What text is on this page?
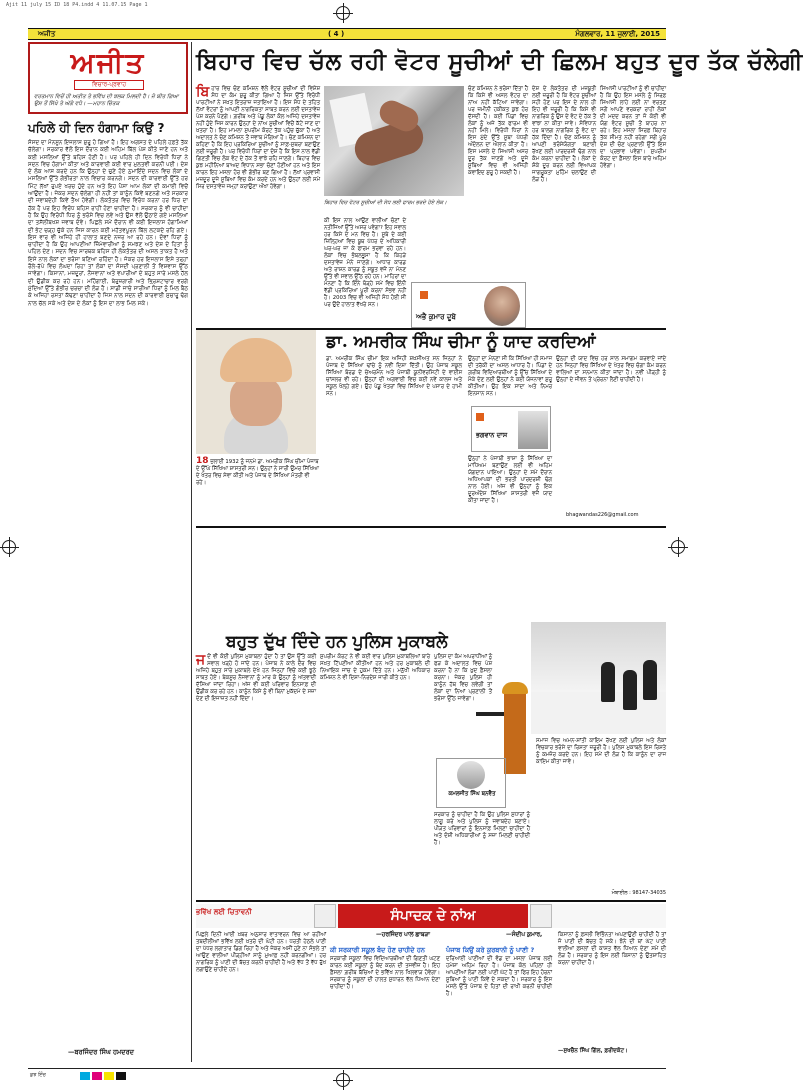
Ajit 11 july 15 ID 18 P4.indd 4 11.07.15 Page 1
ਅਜੀਤ	( 4 )	ਮੰਗਲਵਾਰ, 11 ਜੁਲਾਈ, 2015
ਅਜੀਤ
ਵਿਚਾਰ-ਪ੍ਰਵਾਹ
ਵਰਤਮਾਨ ਵਿਚੋਂ ਹੀ ਅਤੀਤ ਤੇ ਭਵਿੱਖ ਦੀ ਝਲਕ ਮਿਲਦੀ ਹੈ। ਜੋ ਬੀਤ ਗਿਆ ਉਸ ਤੋਂ ਸਿੱਖੋ ਤੇ ਅੱਗੇ ਵਧੋ। —ਮਹਾਨ ਚਿੰਤਕ
ਪਹਿਲੇ ਹੀ ਦਿਨ ਹੰਗਾਮਾ ਕਿਉਂ ?
ਸੰਸਦ ਦਾ ਮੌਨਸੂਨ ਇਜਲਾਸ ਸ਼ੁਰੂ ਹੋ ਗਿਆ ਹੈ। ਇਹ ਅਗਸਤ ਦੇ ਪਹਿਲੇ ਹਫ਼ਤੇ ਤੱਕ ਚੱਲੇਗਾ। ਸਰਕਾਰ ਵੱਲੋਂ ਇਸ ਦੌਰਾਨ ਕਈ ਅਹਿਮ ਬਿੱਲ ਪੇਸ਼ ਕੀਤੇ ਜਾਣੇ ਹਨ ਅਤੇ ਕਈ ਮਸਲਿਆਂ ਉੱਤੇ ਬਹਿਸ ਹੋਣੀ ਹੈ। ਪਰ ਪਹਿਲੇ ਹੀ ਦਿਨ ਵਿਰੋਧੀ ਧਿਰਾਂ ਨੇ ਸਦਨ ਵਿਚ ਹੰਗਾਮਾ ਕੀਤਾ ਅਤੇ ਕਾਰਵਾਈ ਕਈ ਵਾਰ ਮੁਲਤਵੀ ਕਰਨੀ ਪਈ। ਦੇਸ਼ ਦੇ ਲੋਕ ਆਸ ਕਰਦੇ ਹਨ ਕਿ ਉਨ੍ਹਾਂ ਦੇ ਚੁਣੇ ਹੋਏ ਨੁਮਾਇੰਦੇ ਸਦਨ ਵਿਚ ਲੋਕਾਂ ਦੇ ਮਸਲਿਆਂ ਉੱਤੇ ਗੰਭੀਰਤਾ ਨਾਲ ਵਿਚਾਰ ਕਰਨਗੇ। ਸਦਨ ਦੀ ਕਾਰਵਾਈ ਉੱਤੇ ਹਰ ਮਿੰਟ ਲੱਖਾਂ ਰੁਪਏ ਖਰਚ ਹੁੰਦੇ ਹਨ ਅਤੇ ਇਹ ਪੈਸਾ ਆਮ ਲੋਕਾਂ ਦੀ ਕਮਾਈ ਵਿਚੋਂ ਆਉਂਦਾ ਹੈ। ਜੇਕਰ ਸਦਨ ਚੱਲੇਗਾ ਹੀ ਨਹੀਂ ਤਾਂ ਕਾਨੂੰਨ ਕਿਵੇਂ ਬਣਨਗੇ ਅਤੇ ਸਰਕਾਰ ਦੀ ਜਵਾਬਦੇਹੀ ਕਿਵੇਂ ਤੈਅ ਹੋਵੇਗੀ। ਲੋਕਤੰਤਰ ਵਿਚ ਵਿਰੋਧ ਕਰਨਾ ਹਰ ਧਿਰ ਦਾ ਹੱਕ ਹੈ ਪਰ ਇਹ ਵਿਰੋਧ ਬਹਿਸ ਰਾਹੀਂ ਹੋਣਾ ਚਾਹੀਦਾ ਹੈ। ਸਰਕਾਰ ਨੂੰ ਵੀ ਚਾਹੀਦਾ ਹੈ ਕਿ ਉਹ ਵਿਰੋਧੀ ਧਿਰ ਨੂੰ ਭਰੋਸੇ ਵਿਚ ਲਵੇ ਅਤੇ ਉਸ ਵੱਲੋਂ ਉਠਾਏ ਗਏ ਮਸਲਿਆਂ ਦਾ ਤਸੱਲੀਬਖਸ਼ ਜਵਾਬ ਦੇਵੇ। ਪਿਛਲੇ ਸਮੇਂ ਦੌਰਾਨ ਵੀ ਕਈ ਇਜਲਾਸ ਹੰਗਾਮਿਆਂ ਦੀ ਭੇਟ ਚੜ੍ਹ ਚੁੱਕੇ ਹਨ ਜਿਸ ਕਾਰਨ ਕਈ ਮਹੱਤਵਪੂਰਨ ਬਿੱਲ ਲਟਕਦੇ ਰਹਿ ਗਏ। ਇਸ ਵਾਰ ਵੀ ਅਜਿਹੇ ਹੀ ਹਾਲਾਤ ਬਣਦੇ ਨਜ਼ਰ ਆ ਰਹੇ ਹਨ। ਦੋਵਾਂ ਧਿਰਾਂ ਨੂੰ ਚਾਹੀਦਾ ਹੈ ਕਿ ਉਹ ਆਪਣੀਆਂ ਜ਼ਿੰਮੇਵਾਰੀਆਂ ਨੂੰ ਸਮਝਣ ਅਤੇ ਦੇਸ਼ ਦੇ ਹਿਤਾਂ ਨੂੰ ਪਹਿਲ ਦੇਣ। ਸਦਨ ਵਿਚ ਸਾਰਥਕ ਬਹਿਸ ਹੀ ਲੋਕਤੰਤਰ ਦੀ ਅਸਲ ਤਾਕਤ ਹੈ ਅਤੇ ਇਸੇ ਨਾਲ ਲੋਕਾਂ ਦਾ ਭਰੋਸਾ ਬਣਿਆ ਰਹਿੰਦਾ ਹੈ। ਜੇਕਰ ਹਰ ਇਜਲਾਸ ਇਸੇ ਤਰ੍ਹਾਂ ਰੌਲੇ-ਰੱਪੇ ਵਿਚ ਲੰਘਦਾ ਰਿਹਾ ਤਾਂ ਲੋਕਾਂ ਦਾ ਸੰਸਦੀ ਪ੍ਰਣਾਲੀ ਤੋਂ ਵਿਸ਼ਵਾਸ ਉੱਠ ਜਾਵੇਗਾ। ਕਿਸਾਨਾਂ, ਮਜ਼ਦੂਰਾਂ, ਨੌਜਵਾਨਾਂ ਅਤੇ ਵਪਾਰੀਆਂ ਦੇ ਬਹੁਤ ਸਾਰੇ ਮਸਲੇ ਹੱਲ ਦੀ ਉਡੀਕ ਕਰ ਰਹੇ ਹਨ। ਮਹਿੰਗਾਈ, ਬੇਰੁਜ਼ਗਾਰੀ ਅਤੇ ਭ੍ਰਿਸ਼ਟਾਚਾਰ ਵਰਗੇ ਮੁੱਦਿਆਂ ਉੱਤੇ ਗੰਭੀਰ ਚਰਚਾ ਦੀ ਲੋੜ ਹੈ। ਸਾਡੀ ਜਾਚੇ ਸਾਰੀਆਂ ਧਿਰਾਂ ਨੂੰ ਮਿਲ ਬੈਠ ਕੇ ਅਜਿਹਾ ਰਸਤਾ ਕੱਢਣਾ ਚਾਹੀਦਾ ਹੈ ਜਿਸ ਨਾਲ ਸਦਨ ਦੀ ਕਾਰਵਾਈ ਸੁਚਾਰੂ ਢੰਗ ਨਾਲ ਚੱਲ ਸਕੇ ਅਤੇ ਦੇਸ਼ ਦੇ ਲੋਕਾਂ ਨੂੰ ਇਸ ਦਾ ਲਾਭ ਮਿਲ ਸਕੇ।
—ਬਰਜਿੰਦਰ ਸਿੰਘ ਹਮਦਰਦ
ਬਿਹਾਰ ਵਿਚ ਚੱਲ ਰਹੀ ਵੋਟਰ ਸੂਚੀਆਂ ਦੀ ਛਿਲਮ ਬਹੁਤ ਦੂਰ ਤੱਕ ਚੱਲੇਗੀ
ਬਿਹਾਰ ਵਿਚ ਚੋਣ ਕਮਿਸ਼ਨ ਵੱਲੋਂ ਵੋਟਰ ਸੂਚੀਆਂ ਦੀ ਵਿਸ਼ੇਸ਼ ਸੋਧ ਦਾ ਕੰਮ ਸ਼ੁਰੂ ਕੀਤਾ ਗਿਆ ਹੈ ਜਿਸ ਉੱਤੇ ਵਿਰੋਧੀ ਪਾਰਟੀਆਂ ਨੇ ਸਖ਼ਤ ਇਤਰਾਜ਼ ਜਤਾਇਆ ਹੈ। ਇਸ ਸੋਧ ਦੇ ਤਹਿਤ ਲੱਖਾਂ ਵੋਟਰਾਂ ਨੂੰ ਆਪਣੀ ਨਾਗਰਿਕਤਾ ਸਾਬਤ ਕਰਨ ਲਈ ਦਸਤਾਵੇਜ਼ ਪੇਸ਼ ਕਰਨੇ ਪੈਣਗੇ। ਗ਼ਰੀਬ ਅਤੇ ਪੇਂਡੂ ਲੋਕਾਂ ਕੋਲ ਅਜਿਹੇ ਦਸਤਾਵੇਜ਼ ਨਹੀਂ ਹੁੰਦੇ ਜਿਸ ਕਾਰਨ ਉਨ੍ਹਾਂ ਦੇ ਨਾਂਅ ਸੂਚੀਆਂ ਵਿਚੋਂ ਕੱਟੇ ਜਾਣ ਦਾ ਖ਼ਤਰਾ ਹੈ। ਇਹ ਮਾਮਲਾ ਸੁਪਰੀਮ ਕੋਰਟ ਤੱਕ ਪਹੁੰਚ ਚੁੱਕਾ ਹੈ ਅਤੇ ਅਦਾਲਤ ਨੇ ਚੋਣ ਕਮਿਸ਼ਨ ਤੋਂ ਜਵਾਬ ਮੰਗਿਆ ਹੈ। ਚੋਣ ਕਮਿਸ਼ਨ ਦਾ ਕਹਿਣਾ ਹੈ ਕਿ ਇਹ ਪ੍ਰਕਿਰਿਆ ਸੂਚੀਆਂ ਨੂੰ ਸਾਫ਼-ਸੁਥਰਾ ਬਣਾਉਣ ਲਈ ਜ਼ਰੂਰੀ ਹੈ। ਪਰ ਵਿਰੋਧੀ ਧਿਰਾਂ ਦਾ ਦੋਸ਼ ਹੈ ਕਿ ਇਸ ਨਾਲ ਵੱਡੀ ਗਿਣਤੀ ਵਿਚ ਲੋਕ ਵੋਟ ਦੇ ਹੱਕ ਤੋਂ ਵਾਂਝੇ ਰਹਿ ਜਾਣਗੇ। ਬਿਹਾਰ ਵਿਚ ਕੁਝ ਮਹੀਨਿਆਂ ਬਾਅਦ ਵਿਧਾਨ ਸਭਾ ਚੋਣਾਂ ਹੋਣੀਆਂ ਹਨ ਅਤੇ ਇਸ ਕਾਰਨ ਇਹ ਮਸਲਾ ਹੋਰ ਵੀ ਗੰਭੀਰ ਬਣ ਗਿਆ ਹੈ। ਲੱਖਾਂ ਪ੍ਰਵਾਸੀ ਮਜ਼ਦੂਰ ਦੂਜੇ ਸੂਬਿਆਂ ਵਿਚ ਕੰਮ ਕਰਦੇ ਹਨ ਅਤੇ ਉਨ੍ਹਾਂ ਲਈ ਸਮੇਂ ਸਿਰ ਦਸਤਾਵੇਜ਼ ਜਮ੍ਹਾਂ ਕਰਾਉਣਾ ਔਖਾ ਹੋਵੇਗਾ।
ਬਿਹਾਰ ਵਿਚ ਵੋਟਰ ਸੂਚੀਆਂ ਦੀ ਸੋਧ ਲਈ ਫਾਰਮ ਭਰਦੇ ਹੋਏ ਲੋਕ।
ਕੀ ਇਸ ਨਾਲ ਆਉਣ ਵਾਲੀਆਂ ਚੋਣਾਂ ਦੇ ਨਤੀਜਿਆਂ ਉੱਤੇ ਅਸਰ ਪਵੇਗਾ? ਇਹ ਸਵਾਲ ਹਰ ਕਿਸੇ ਦੇ ਮਨ ਵਿਚ ਹੈ। ਸੂਬੇ ਦੇ ਕਈ ਜ਼ਿਲ੍ਹਿਆਂ ਵਿਚ ਬੂਥ ਪੱਧਰ ਦੇ ਅਧਿਕਾਰੀ ਘਰ-ਘਰ ਜਾ ਕੇ ਫਾਰਮ ਭਰਵਾ ਰਹੇ ਹਨ। ਲੋਕਾਂ ਵਿਚ ਭੰਬਲਭੂਸਾ ਹੈ ਕਿ ਕਿਹੜੇ ਦਸਤਾਵੇਜ਼ ਮੰਨੇ ਜਾਣਗੇ। ਆਧਾਰ ਕਾਰਡ ਅਤੇ ਰਾਸ਼ਨ ਕਾਰਡ ਨੂੰ ਸਬੂਤ ਵਜੋਂ ਨਾ ਮੰਨਣ ਉੱਤੇ ਵੀ ਸਵਾਲ ਉੱਠ ਰਹੇ ਹਨ। ਮਾਹਿਰਾਂ ਦਾ ਮੰਨਣਾ ਹੈ ਕਿ ਇੰਨੇ ਥੋੜ੍ਹੇ ਸਮੇਂ ਵਿਚ ਇੰਨੀ ਵੱਡੀ ਪ੍ਰਕਿਰਿਆ ਪੂਰੀ ਕਰਨਾ ਸੰਭਵ ਨਹੀਂ ਹੈ। 2003 ਵਿਚ ਵੀ ਅਜਿਹੀ ਸੋਧ ਹੋਈ ਸੀ ਪਰ ਉਦੋਂ ਹਾਲਾਤ ਵੱਖਰੇ ਸਨ।
ਚੋਣ ਕਮਿਸ਼ਨ ਨੇ ਭਰੋਸਾ ਦਿੱਤਾ ਹੈ ਕਿ ਕਿਸੇ ਵੀ ਅਸਲ ਵੋਟਰ ਦਾ ਨਾਂਅ ਨਹੀਂ ਕੱਟਿਆ ਜਾਵੇਗਾ। ਪਰ ਜ਼ਮੀਨੀ ਹਕੀਕਤ ਕੁਝ ਹੋਰ ਦੱਸਦੀ ਹੈ। ਕਈ ਪਿੰਡਾਂ ਵਿਚ ਲੋਕਾਂ ਨੂੰ ਅਜੇ ਤੱਕ ਫਾਰਮ ਵੀ ਨਹੀਂ ਮਿਲੇ। ਵਿਰੋਧੀ ਧਿਰਾਂ ਨੇ ਇਸ ਮੁੱਦੇ ਉੱਤੇ ਸੂਬਾ ਪੱਧਰੀ ਅੰਦੋਲਨ ਦਾ ਐਲਾਨ ਕੀਤਾ ਹੈ। ਇਸ ਮਸਲੇ ਦੇ ਸਿਆਸੀ ਅਸਰ ਦੂਰ ਤੱਕ ਜਾਣਗੇ ਅਤੇ ਦੂਜੇ ਸੂਬਿਆਂ ਵਿਚ ਵੀ ਅਜਿਹੀ ਕਵਾਇਦ ਸ਼ੁਰੂ ਹੋ ਸਕਦੀ ਹੈ।
ਦੇਸ਼ ਦੇ ਲੋਕਤੰਤਰ ਦੀ ਮਜ਼ਬੂਤੀ ਲਈ ਜ਼ਰੂਰੀ ਹੈ ਕਿ ਵੋਟਰ ਸੂਚੀਆਂ ਸਹੀ ਹੋਣ ਪਰ ਇਸ ਦੇ ਨਾਲ ਹੀ ਇਹ ਵੀ ਜ਼ਰੂਰੀ ਹੈ ਕਿ ਕਿਸੇ ਵੀ ਨਾਗਰਿਕ ਨੂੰ ਉਸ ਦੇ ਵੋਟ ਦੇ ਹੱਕ ਤੋਂ ਵਾਂਝਾ ਨਾ ਕੀਤਾ ਜਾਵੇ। ਸੰਵਿਧਾਨ ਹਰ ਬਾਲਗ ਨਾਗਰਿਕ ਨੂੰ ਵੋਟ ਦਾ ਹੱਕ ਦਿੰਦਾ ਹੈ। ਚੋਣ ਕਮਿਸ਼ਨ ਨੂੰ ਆਪਣੀ ਭਰੋਸੇਯੋਗਤਾ ਬਣਾਈ ਰੱਖਣ ਲਈ ਪਾਰਦਰਸ਼ੀ ਢੰਗ ਨਾਲ ਕੰਮ ਕਰਨਾ ਚਾਹੀਦਾ ਹੈ। ਲੋਕਾਂ ਦੇ ਸ਼ੰਕੇ ਦੂਰ ਕਰਨ ਲਈ ਵਿਆਪਕ ਜਾਗਰੂਕਤਾ ਮੁਹਿੰਮ ਚਲਾਉਣ ਦੀ ਲੋੜ ਹੈ।
ਸਿਆਸੀ ਪਾਰਟੀਆਂ ਨੂੰ ਵੀ ਚਾਹੀਦਾ ਹੈ ਕਿ ਉਹ ਇਸ ਮਸਲੇ ਨੂੰ ਸਿਰਫ਼ ਸਿਆਸੀ ਲਾਹੇ ਲਈ ਨਾ ਵਰਤਣ ਸਗੋਂ ਆਪਣੇ ਵਰਕਰਾਂ ਰਾਹੀਂ ਲੋਕਾਂ ਦੀ ਮਦਦ ਕਰਨ ਤਾਂ ਜੋ ਕੋਈ ਵੀ ਯੋਗ ਵੋਟਰ ਸੂਚੀ ਤੋਂ ਬਾਹਰ ਨਾ ਰਹੇ। ਇਹ ਮਸਲਾ ਸਿਰਫ਼ ਬਿਹਾਰ ਤੱਕ ਸੀਮਤ ਨਹੀਂ ਰਹੇਗਾ ਸਗੋਂ ਪੂਰੇ ਦੇਸ਼ ਦੀ ਚੋਣ ਪ੍ਰਣਾਲੀ ਉੱਤੇ ਇਸ ਦਾ ਪ੍ਰਭਾਵ ਪਵੇਗਾ। ਸੁਪਰੀਮ ਕੋਰਟ ਦਾ ਫ਼ੈਸਲਾ ਇਸ ਬਾਰੇ ਅਹਿਮ ਹੋਵੇਗਾ।
ਅਭੈ ਕੁਮਾਰ ਦੂਬੇ
18 ਜੁਲਾਈ 1932 ਨੂੰ ਜਨਮੇ ਡਾ. ਅਮਰੀਕ ਸਿੰਘ ਚੀਮਾ ਪੰਜਾਬ ਦੇ ਉੱਘੇ ਸਿੱਖਿਆ ਸ਼ਾਸਤਰੀ ਸਨ। ਉਨ੍ਹਾਂ ਨੇ ਸਾਰੀ ਉਮਰ ਸਿੱਖਿਆ ਦੇ ਖੇਤਰ ਵਿਚ ਸੇਵਾ ਕੀਤੀ ਅਤੇ ਪੰਜਾਬ ਦੇ ਸਿੱਖਿਆ ਮੰਤਰੀ ਵੀ ਰਹੇ।
ਡਾ. ਅਮਰੀਕ ਸਿੰਘ ਚੀਮਾ ਨੂੰ ਯਾਦ ਕਰਦਿਆਂ
ਡਾ. ਅਮਰੀਕ ਸਿੰਘ ਚੀਮਾ ਇਕ ਅਜਿਹੀ ਸ਼ਖ਼ਸੀਅਤ ਸਨ ਜਿਨ੍ਹਾਂ ਨੇ ਪੰਜਾਬ ਦੇ ਸਿੱਖਿਆ ਢਾਂਚੇ ਨੂੰ ਨਵੀਂ ਦਿਸ਼ਾ ਦਿੱਤੀ। ਉਹ ਪੰਜਾਬ ਸਕੂਲ ਸਿੱਖਿਆ ਬੋਰਡ ਦੇ ਚੇਅਰਮੈਨ ਅਤੇ ਪੰਜਾਬੀ ਯੂਨੀਵਰਸਿਟੀ ਦੇ ਵਾਈਸ ਚਾਂਸਲਰ ਵੀ ਰਹੇ। ਉਨ੍ਹਾਂ ਦੀ ਅਗਵਾਈ ਵਿਚ ਕਈ ਨਵੇਂ ਕਾਲਜ ਅਤੇ ਸਕੂਲ ਖੋਲ੍ਹੇ ਗਏ। ਉਹ ਪੇਂਡੂ ਖੇਤਰਾਂ ਵਿਚ ਸਿੱਖਿਆ ਦੇ ਪਸਾਰ ਦੇ ਹਾਮੀ ਸਨ।
ਉਨ੍ਹਾਂ ਦਾ ਮੰਨਣਾ ਸੀ ਕਿ ਸਿੱਖਿਆ ਹੀ ਸਮਾਜ ਦੀ ਤਰੱਕੀ ਦਾ ਅਸਲ ਆਧਾਰ ਹੈ। ਪਿੰਡਾਂ ਦੇ ਗ਼ਰੀਬ ਵਿਦਿਆਰਥੀਆਂ ਨੂੰ ਉੱਚ ਸਿੱਖਿਆ ਦੇ ਮੌਕੇ ਦੇਣ ਲਈ ਉਨ੍ਹਾਂ ਨੇ ਕਈ ਯੋਜਨਾਵਾਂ ਸ਼ੁਰੂ ਕੀਤੀਆਂ। ਉਹ ਇਕ ਸਾਦਾ ਅਤੇ ਨਿਮਰ ਇਨਸਾਨ ਸਨ।
ਭਗਵਾਨ ਦਾਸ
ਉਨ੍ਹਾਂ ਨੇ ਪੰਜਾਬੀ ਭਾਸ਼ਾ ਨੂੰ ਸਿੱਖਿਆ ਦਾ ਮਾਧਿਅਮ ਬਣਾਉਣ ਲਈ ਵੀ ਅਹਿਮ ਯੋਗਦਾਨ ਪਾਇਆ। ਉਨ੍ਹਾਂ ਦੇ ਸਮੇਂ ਦੌਰਾਨ ਅਧਿਆਪਕਾਂ ਦੀ ਭਰਤੀ ਪਾਰਦਰਸ਼ੀ ਢੰਗ ਨਾਲ ਹੋਈ। ਅੱਜ ਵੀ ਉਨ੍ਹਾਂ ਨੂੰ ਇਕ ਦੂਰਅੰਦੇਸ਼ ਸਿੱਖਿਆ ਸ਼ਾਸਤਰੀ ਵਜੋਂ ਯਾਦ ਕੀਤਾ ਜਾਂਦਾ ਹੈ।
ਉਨ੍ਹਾਂ ਦੀ ਯਾਦ ਵਿਚ ਹਰ ਸਾਲ ਸਮਾਗਮ ਕਰਵਾਏ ਜਾਂਦੇ ਹਨ ਜਿਨ੍ਹਾਂ ਵਿਚ ਸਿੱਖਿਆ ਦੇ ਖੇਤਰ ਵਿਚ ਚੰਗਾ ਕੰਮ ਕਰਨ ਵਾਲਿਆਂ ਦਾ ਸਨਮਾਨ ਕੀਤਾ ਜਾਂਦਾ ਹੈ। ਨਵੀਂ ਪੀੜ੍ਹੀ ਨੂੰ ਉਨ੍ਹਾਂ ਦੇ ਜੀਵਨ ਤੋਂ ਪ੍ਰੇਰਨਾ ਲੈਣੀ ਚਾਹੀਦੀ ਹੈ।
bhagwandas226@gmail.com
ਬਹੁਤ ਦੁੱਖ ਦਿੰਦੇ ਹਨ ਪੁਲਿਸ ਮੁਕਾਬਲੇ
ਜਦੋਂ ਵੀ ਕੋਈ ਪੁਲਿਸ ਮੁਕਾਬਲਾ ਹੁੰਦਾ ਹੈ ਤਾਂ ਉਸ ਉੱਤੇ ਕਈ ਸਵਾਲ ਖੜ੍ਹੇ ਹੋ ਜਾਂਦੇ ਹਨ। ਪੰਜਾਬ ਨੇ ਕਾਲੇ ਦੌਰ ਵਿਚ ਅਜਿਹੇ ਬਹੁਤ ਸਾਰੇ ਮੁਕਾਬਲੇ ਦੇਖੇ ਹਨ ਜਿਨ੍ਹਾਂ ਵਿਚੋਂ ਕਈ ਝੂਠੇ ਸਾਬਤ ਹੋਏ। ਬੇਕਸੂਰ ਨੌਜਵਾਨਾਂ ਨੂੰ ਮਾਰ ਕੇ ਉਨ੍ਹਾਂ ਨੂੰ ਅੱਤਵਾਦੀ ਦੱਸਿਆ ਜਾਂਦਾ ਰਿਹਾ। ਅੱਜ ਵੀ ਕਈ ਪਰਿਵਾਰ ਇਨਸਾਫ਼ ਦੀ ਉਡੀਕ ਕਰ ਰਹੇ ਹਨ। ਕਾਨੂੰਨ ਕਿਸੇ ਨੂੰ ਵੀ ਬਿਨਾਂ ਮੁਕੱਦਮੇ ਦੇ ਸਜ਼ਾ ਦੇਣ ਦੀ ਇਜਾਜ਼ਤ ਨਹੀਂ ਦਿੰਦਾ।
ਸੁਪਰੀਮ ਕੋਰਟ ਨੇ ਵੀ ਕਈ ਵਾਰ ਪੁਲਿਸ ਮੁਕਾਬਲਿਆਂ ਬਾਰੇ ਸਖ਼ਤ ਟਿੱਪਣੀਆਂ ਕੀਤੀਆਂ ਹਨ ਅਤੇ ਹਰ ਮੁਕਾਬਲੇ ਦੀ ਨਿਆਂਇਕ ਜਾਂਚ ਦੇ ਹੁਕਮ ਦਿੱਤੇ ਹਨ। ਮਨੁੱਖੀ ਅਧਿਕਾਰ ਕਮਿਸ਼ਨ ਨੇ ਵੀ ਦਿਸ਼ਾ-ਨਿਰਦੇਸ਼ ਜਾਰੀ ਕੀਤੇ ਹਨ।
ਪੁਲਿਸ ਦਾ ਕੰਮ ਅਪਰਾਧੀਆਂ ਨੂੰ ਫੜ ਕੇ ਅਦਾਲਤ ਵਿਚ ਪੇਸ਼ ਕਰਨਾ ਹੈ ਨਾ ਕਿ ਖ਼ੁਦ ਫ਼ੈਸਲਾ ਕਰਨਾ। ਜੇਕਰ ਪੁਲਿਸ ਹੀ ਕਾਨੂੰਨ ਹੱਥ ਵਿਚ ਲਵੇਗੀ ਤਾਂ ਲੋਕਾਂ ਦਾ ਨਿਆਂ ਪ੍ਰਣਾਲੀ ਤੋਂ ਭਰੋਸਾ ਉੱਠ ਜਾਵੇਗਾ।
ਕਮਲਜੀਤ ਸਿੰਘ ਬਨਵੈਤ
ਸਰਕਾਰ ਨੂੰ ਚਾਹੀਦਾ ਹੈ ਕਿ ਉਹ ਪੁਲਿਸ ਸੁਧਾਰਾਂ ਨੂੰ ਲਾਗੂ ਕਰੇ ਅਤੇ ਪੁਲਿਸ ਨੂੰ ਜਵਾਬਦੇਹ ਬਣਾਏ। ਪੀੜਤ ਪਰਿਵਾਰਾਂ ਨੂੰ ਇਨਸਾਫ਼ ਮਿਲਣਾ ਚਾਹੀਦਾ ਹੈ ਅਤੇ ਦੋਸ਼ੀ ਅਧਿਕਾਰੀਆਂ ਨੂੰ ਸਜ਼ਾ ਮਿਲਣੀ ਚਾਹੀਦੀ ਹੈ।
ਸਮਾਜ ਵਿਚ ਅਮਨ-ਸ਼ਾਂਤੀ ਕਾਇਮ ਰੱਖਣ ਲਈ ਪੁਲਿਸ ਅਤੇ ਲੋਕਾਂ ਵਿਚਕਾਰ ਭਰੋਸੇ ਦਾ ਰਿਸ਼ਤਾ ਜ਼ਰੂਰੀ ਹੈ। ਪੁਲਿਸ ਮੁਕਾਬਲੇ ਇਸ ਰਿਸ਼ਤੇ ਨੂੰ ਕਮਜ਼ੋਰ ਕਰਦੇ ਹਨ। ਇਹ ਸਮੇਂ ਦੀ ਲੋੜ ਹੈ ਕਿ ਕਾਨੂੰਨ ਦਾ ਰਾਜ ਕਾਇਮ ਕੀਤਾ ਜਾਵੇ।
ਮੋਬਾਈਲ : 98147-34035
ਭਵਿੱਖ ਲਈ ਚਿਤਾਵਨੀ	ਸੰਪਾਦਕ ਦੇ ਨਾਂਅ
ਪਿਛਲੇ ਦਿਨੀਂ ਆਈ ਖ਼ਬਰ ਅਨੁਸਾਰ ਵਾਤਾਵਰਨ ਵਿਚ ਆ ਰਹੀਆਂ ਤਬਦੀਲੀਆਂ ਭਵਿੱਖ ਲਈ ਖ਼ਤਰੇ ਦੀ ਘੰਟੀ ਹਨ। ਧਰਤੀ ਹੇਠਲੇ ਪਾਣੀ ਦਾ ਪੱਧਰ ਲਗਾਤਾਰ ਡਿਗ ਰਿਹਾ ਹੈ ਅਤੇ ਜੇਕਰ ਅਸੀਂ ਹੁਣੇ ਨਾ ਸੰਭਲੇ ਤਾਂ ਆਉਣ ਵਾਲੀਆਂ ਪੀੜ੍ਹੀਆਂ ਸਾਨੂੰ ਮੁਆਫ਼ ਨਹੀਂ ਕਰਨਗੀਆਂ। ਹਰ ਨਾਗਰਿਕ ਨੂੰ ਪਾਣੀ ਦੀ ਬੱਚਤ ਕਰਨੀ ਚਾਹੀਦੀ ਹੈ ਅਤੇ ਵੱਧ ਤੋਂ ਵੱਧ ਰੁੱਖ ਲਗਾਉਣੇ ਚਾਹੀਦੇ ਹਨ।
—ਹਰਜਿੰਦਰ ਪਾਲ ਛਾਬੜਾ
ਕੀ ਸਰਕਾਰੀ ਸਕੂਲ ਬੰਦ ਹੋਣ ਚਾਹੀਦੇ ਹਨ
ਸਰਕਾਰੀ ਸਕੂਲਾਂ ਵਿਚ ਵਿਦਿਆਰਥੀਆਂ ਦੀ ਗਿਣਤੀ ਘਟਣ ਕਾਰਨ ਕਈ ਸਕੂਲਾਂ ਨੂੰ ਬੰਦ ਕਰਨ ਦੀ ਤਜਵੀਜ਼ ਹੈ। ਇਹ ਫ਼ੈਸਲਾ ਗ਼ਰੀਬ ਬੱਚਿਆਂ ਦੇ ਭਵਿੱਖ ਨਾਲ ਖਿਲਵਾੜ ਹੋਵੇਗਾ। ਸਰਕਾਰ ਨੂੰ ਸਕੂਲਾਂ ਦੀ ਹਾਲਤ ਸੁਧਾਰਨ ਵੱਲ ਧਿਆਨ ਦੇਣਾ ਚਾਹੀਦਾ ਹੈ।
—ਸੰਦੀਪ ਕੁਮਾਰ,
ਪੰਜਾਬ ਕਿਉਂ ਕਰੇ ਕੁਰਬਾਨੀ ਨੂੰ ਪਾਣੀ ?
ਦਰਿਆਈ ਪਾਣੀਆਂ ਦੀ ਵੰਡ ਦਾ ਮਸਲਾ ਪੰਜਾਬ ਲਈ ਹਮੇਸ਼ਾ ਅਹਿਮ ਰਿਹਾ ਹੈ। ਪੰਜਾਬ ਕੋਲ ਪਹਿਲਾਂ ਹੀ ਆਪਣੀਆਂ ਲੋੜਾਂ ਲਈ ਪਾਣੀ ਘੱਟ ਹੈ ਤਾਂ ਫਿਰ ਇਹ ਹੋਰਨਾਂ ਸੂਬਿਆਂ ਨੂੰ ਪਾਣੀ ਕਿਵੇਂ ਦੇ ਸਕਦਾ ਹੈ। ਸਰਕਾਰ ਨੂੰ ਇਸ ਮਸਲੇ ਉੱਤੇ ਪੰਜਾਬ ਦੇ ਹਿਤਾਂ ਦੀ ਰਾਖੀ ਕਰਨੀ ਚਾਹੀਦੀ ਹੈ।
ਕਿਸਾਨਾਂ ਨੂੰ ਫ਼ਸਲੀ ਵਿਭਿੰਨਤਾ ਅਪਣਾਉਣੀ ਚਾਹੀਦੀ ਹੈ ਤਾਂ ਜੋ ਪਾਣੀ ਦੀ ਬੱਚਤ ਹੋ ਸਕੇ। ਝੋਨੇ ਦੀ ਥਾਂ ਘੱਟ ਪਾਣੀ ਵਾਲੀਆਂ ਫ਼ਸਲਾਂ ਦੀ ਕਾਸ਼ਤ ਵੱਲ ਧਿਆਨ ਦੇਣਾ ਸਮੇਂ ਦੀ ਲੋੜ ਹੈ। ਸਰਕਾਰ ਨੂੰ ਇਸ ਲਈ ਕਿਸਾਨਾਂ ਨੂੰ ਉਤਸ਼ਾਹਿਤ ਕਰਨਾ ਚਾਹੀਦਾ ਹੈ।
—ਸੁਖਚੈਨ ਸਿੰਘ ਗਿੱਲ, ਫ਼ਰੀਦਕੋਟ।
ਕੁਝ ਇੰਚ
